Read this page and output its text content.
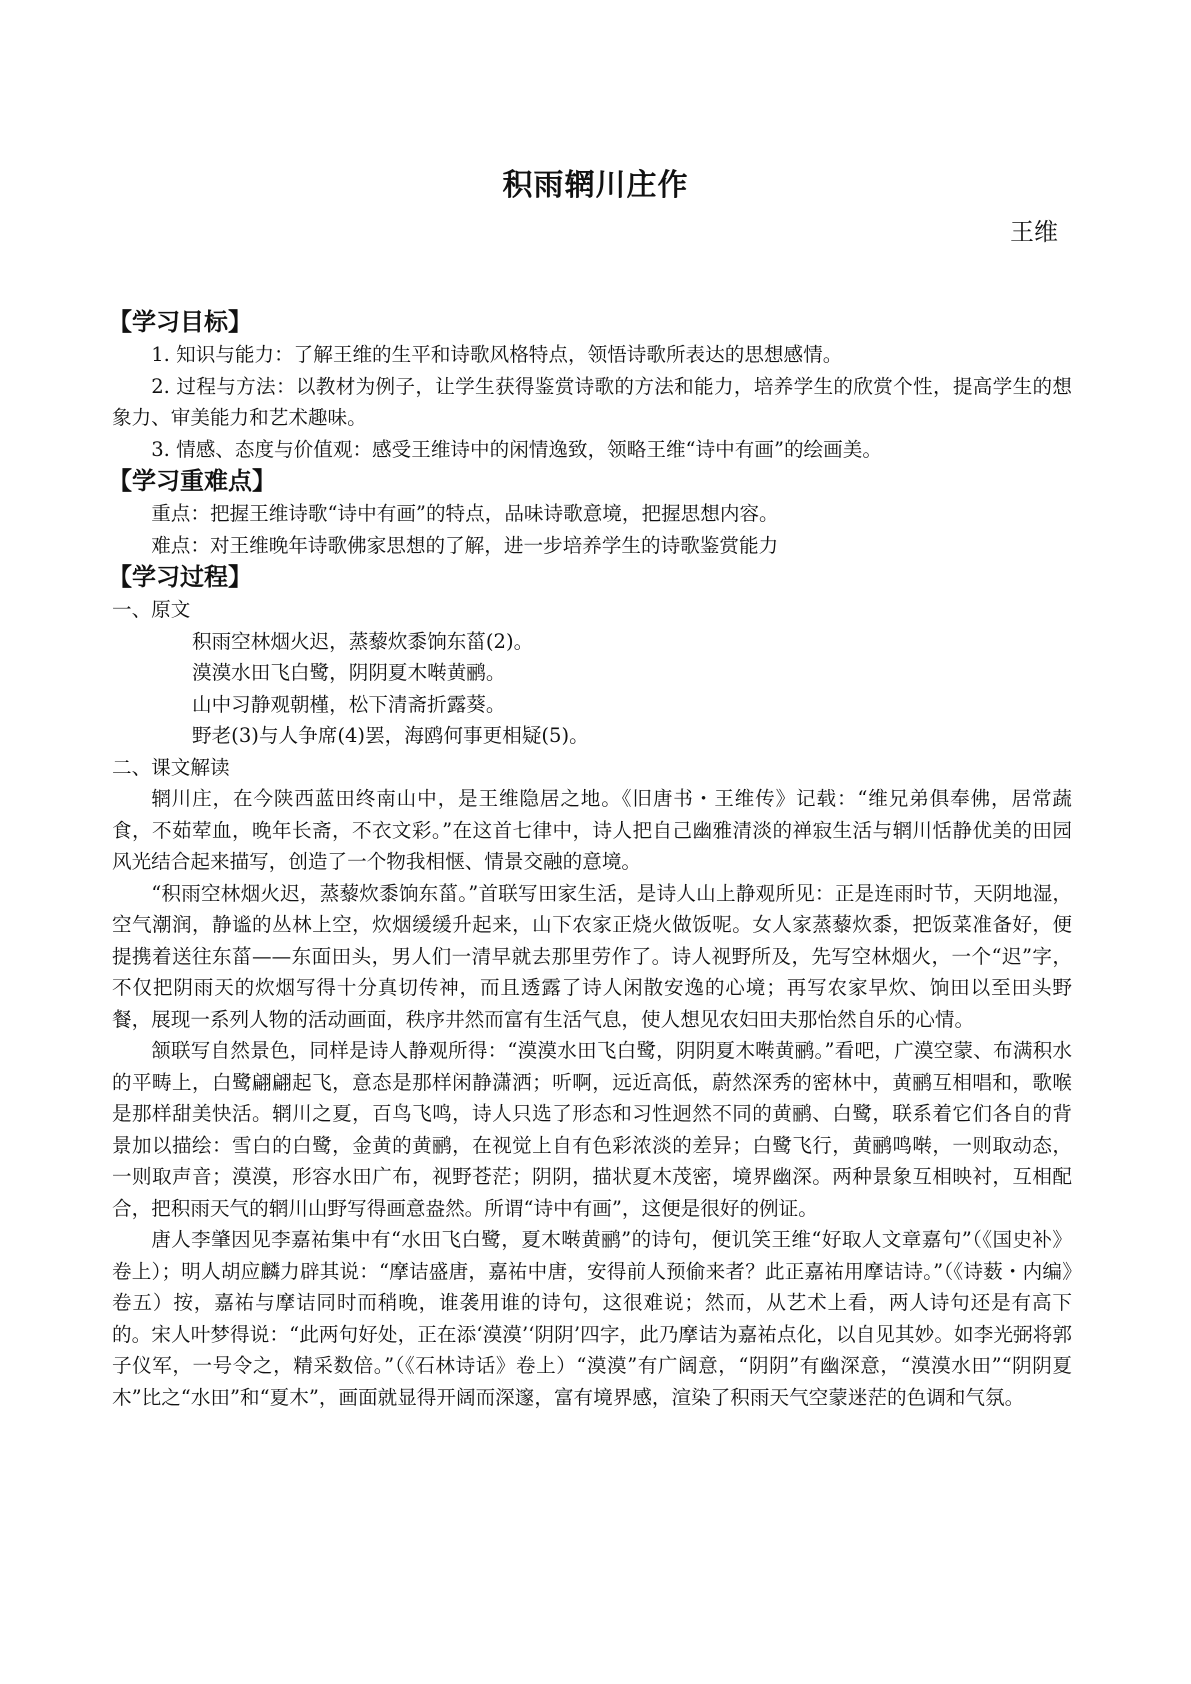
积雨辋川庄作
王维
【学习目标】
1. 知识与能力：了解王维的生平和诗歌风格特点，领悟诗歌所表达的思想感情。
2. 过程与方法：以教材为例子，让学生获得鉴赏诗歌的方法和能力，培养学生的欣赏个性，提高学生的想象力、审美能力和艺术趣味。
3. 情感、态度与价值观：感受王维诗中的闲情逸致，领略王维“诗中有画”的绘画美。
【学习重难点】
重点：把握王维诗歌“诗中有画”的特点，品味诗歌意境，把握思想内容。
难点：对王维晚年诗歌佛家思想的了解，进一步培养学生的诗歌鉴赏能力
【学习过程】
一、原文
积雨空林烟火迟，蒸藜炊黍饷东菑(2)。
漠漠水田飞白鹭，阴阴夏木啭黄鹂。
山中习静观朝槿，松下清斋折露葵。
野老(3)与人争席(4)罢，海鸥何事更相疑(5)。
二、课文解读
辋川庄，在今陕西蓝田终南山中，是王维隐居之地。《旧唐书・王维传》记载：“维兄弟俱奉佛，居常蔬食，不茹荤血，晚年长斋，不衣文彩。”在这首七律中，诗人把自己幽雅清淡的禅寂生活与辋川恬静优美的田园风光结合起来描写，创造了一个物我相惬、情景交融的意境。
“积雨空林烟火迟，蒸藜炊黍饷东菑。”首联写田家生活，是诗人山上静观所见：正是连雨时节，天阴地湿，空气潮润，静谧的丛林上空，炊烟缓缓升起来，山下农家正烧火做饭呢。女人家蒸藜炊黍，把饭菜准备好，便提携着送往东菑——东面田头，男人们一清早就去那里劳作了。诗人视野所及，先写空林烟火，一个“迟”字，不仅把阴雨天的炊烟写得十分真切传神，而且透露了诗人闲散安逸的心境；再写农家早炊、饷田以至田头野餐，展现一系列人物的活动画面，秩序井然而富有生活气息，使人想见农妇田夫那怡然自乐的心情。
颔联写自然景色，同样是诗人静观所得：“漠漠水田飞白鹭，阴阴夏木啭黄鹂。”看吧，广漠空蒙、布满积水的平畴上，白鹭翩翩起飞，意态是那样闲静潇洒；听啊，远近高低，蔚然深秀的密林中，黄鹂互相唱和，歌喉是那样甜美快活。辋川之夏，百鸟飞鸣，诗人只选了形态和习性迥然不同的黄鹂、白鹭，联系着它们各自的背景加以描绘：雪白的白鹭，金黄的黄鹂，在视觉上自有色彩浓淡的差异；白鹭飞行，黄鹂鸣啭，一则取动态，一则取声音；漠漠，形容水田广布，视野苍茫；阴阴，描状夏木茂密，境界幽深。两种景象互相映衬，互相配合，把积雨天气的辋川山野写得画意盎然。所谓“诗中有画”，这便是很好的例证。
唐人李肇因见李嘉祐集中有“水田飞白鹭，夏木啭黄鹂”的诗句，便讥笑王维“好取人文章嘉句”（《国史补》卷上）；明人胡应麟力辟其说：“摩诘盛唐，嘉祐中唐，安得前人预偷来者？此正嘉祐用摩诘诗。”（《诗薮・内编》卷五）按，嘉祐与摩诘同时而稍晚，谁袭用谁的诗句，这很难说；然而，从艺术上看，两人诗句还是有高下的。宋人叶梦得说：“此两句好处，正在添‘漠漠’‘阴阴’四字，此乃摩诘为嘉祐点化，以自见其妙。如李光弼将郭子仪军，一号令之，精采数倍。”（《石林诗话》卷上）“漠漠”有广阔意，“阴阴”有幽深意，“漠漠水田”“阴阴夏木”比之“水田”和“夏木”，画面就显得开阔而深邃，富有境界感，渲染了积雨天气空蒙迷茫的色调和气氛。
